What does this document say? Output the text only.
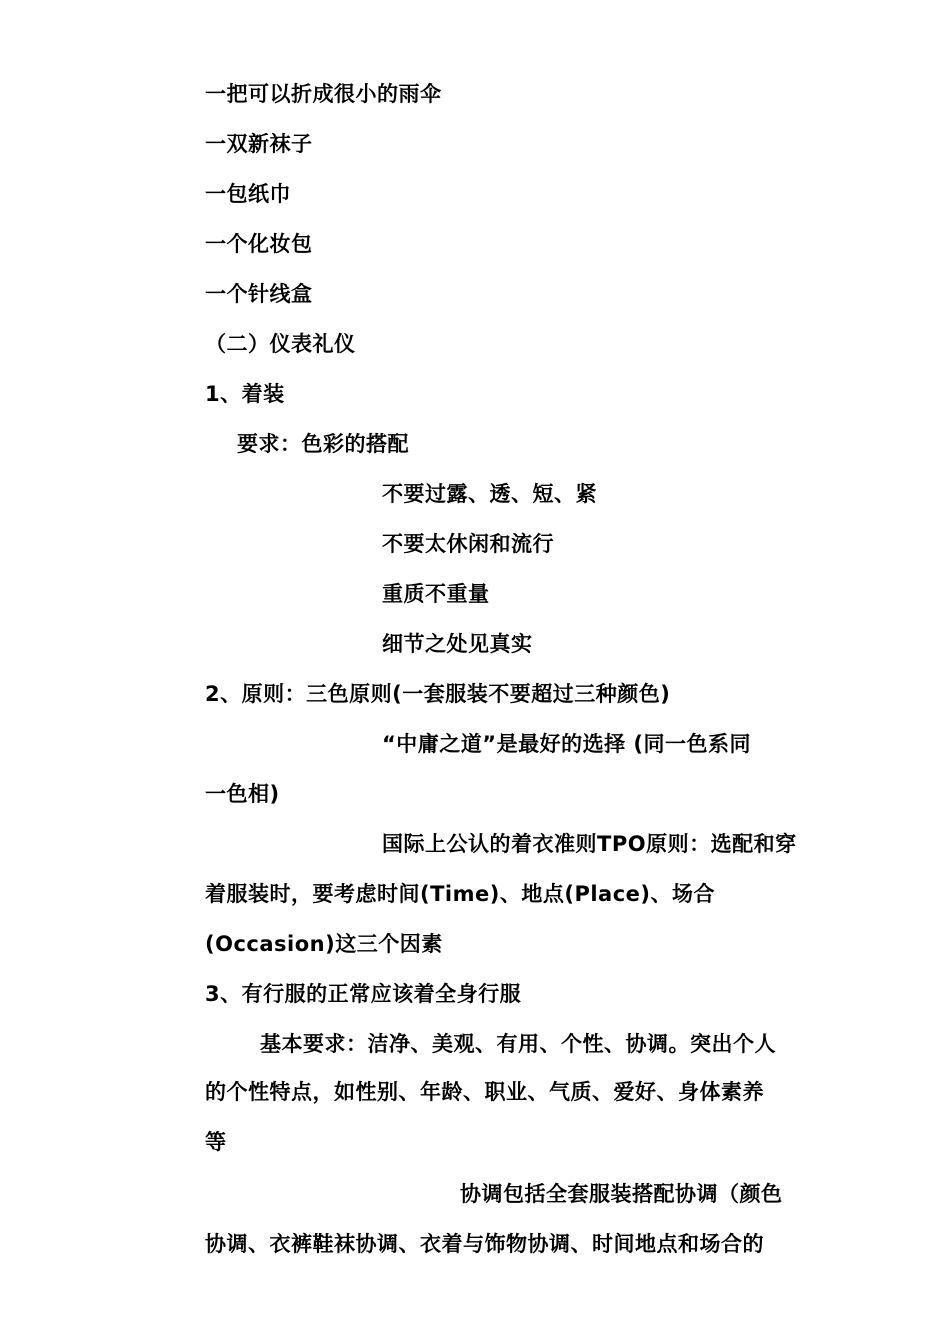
一把可以折成很小的雨伞
一双新袜子
一包纸巾
一个化妆包
一个针线盒
（二）仪表礼仪
1、着装
要求：色彩的搭配
不要过露、透、短、紧
不要太休闲和流行
重质不重量
细节之处见真实
2、原则：三色原则(一套服装不要超过三种颜色)
“中庸之道”是最好的选择 (同一色系同
一色相)
国际上公认的着衣准则TPO原则：选配和穿
着服装时，要考虑时间(Time)、地点(Place)、场合
(Occasion)这三个因素
3、有行服的正常应该着全身行服
基本要求：洁净、美观、有用、个性、协调。突出个人
的个性特点，如性别、年龄、职业、气质、爱好、身体素养
等
协调包括全套服装搭配协调（颜色
协调、衣裤鞋袜协调、衣着与饰物协调、时间地点和场合的
